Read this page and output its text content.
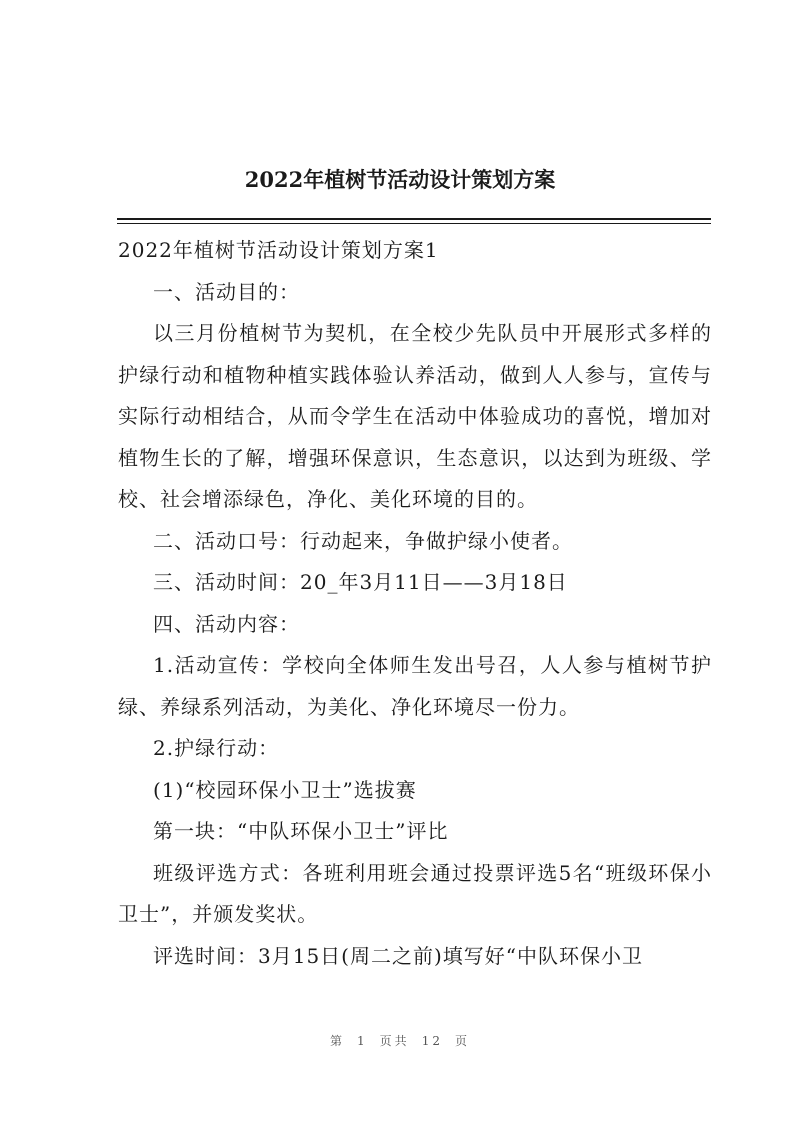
2022年植树节活动设计策划方案

2022年植树节活动设计策划方案1

一、活动目的：

以三月份植树节为契机，在全校少先队员中开展形式多样的护绿行动和植物种植实践体验认养活动，做到人人参与，宣传与实际行动相结合，从而令学生在活动中体验成功的喜悦，增加对植物生长的了解，增强环保意识，生态意识，以达到为班级、学校、社会增添绿色，净化、美化环境的目的。

二、活动口号：行动起来，争做护绿小使者。

三、活动时间：20_年3月11日——3月18日

四、活动内容：

1.活动宣传：学校向全体师生发出号召，人人参与植树节护绿、养绿系列活动，为美化、净化环境尽一份力。

2.护绿行动：

(1)“校园环保小卫士”选拔赛

第一块：“中队环保小卫士”评比

班级评选方式：各班利用班会通过投票评选5名“班级环保小卫士”，并颁发奖状。

评选时间：3月15日(周二之前)填写好“中队环保小卫

第 1 页共 12 页
